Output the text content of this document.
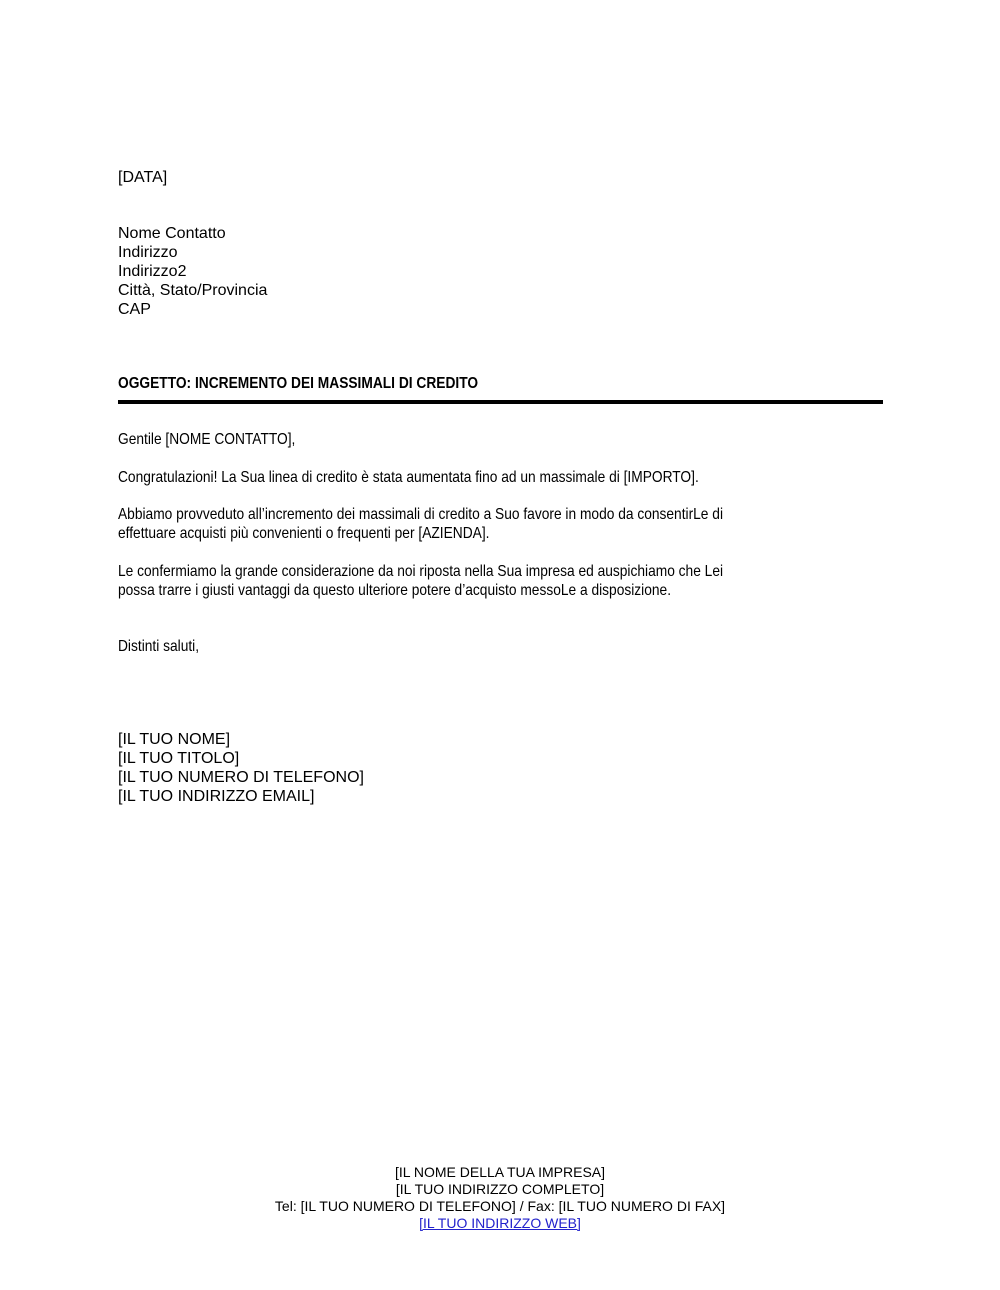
[DATA]
Nome Contatto
Indirizzo
Indirizzo2
Città, Stato/Provincia
CAP
OGGETTO: INCREMENTO DEI MASSIMALI DI CREDITO
Gentile [NOME CONTATTO],
Congratulazioni! La Sua linea di credito è stata aumentata fino ad un massimale di [IMPORTO].
Abbiamo provveduto all’incremento dei massimali di credito a Suo favore in modo da consentirLe di
effettuare acquisti più convenienti o frequenti per [AZIENDA].
Le confermiamo la grande considerazione da noi riposta nella Sua impresa ed auspichiamo che Lei
possa trarre i giusti vantaggi da questo ulteriore potere d’acquisto messoLe a disposizione.
Distinti saluti,
[IL TUO NOME]
[IL TUO TITOLO]
[IL TUO NUMERO DI TELEFONO]
[IL TUO INDIRIZZO EMAIL]
[IL NOME DELLA TUA IMPRESA]
[IL TUO INDIRIZZO COMPLETO]
Tel: [IL TUO NUMERO DI TELEFONO] / Fax: [IL TUO NUMERO DI FAX]
[IL TUO INDIRIZZO WEB]
